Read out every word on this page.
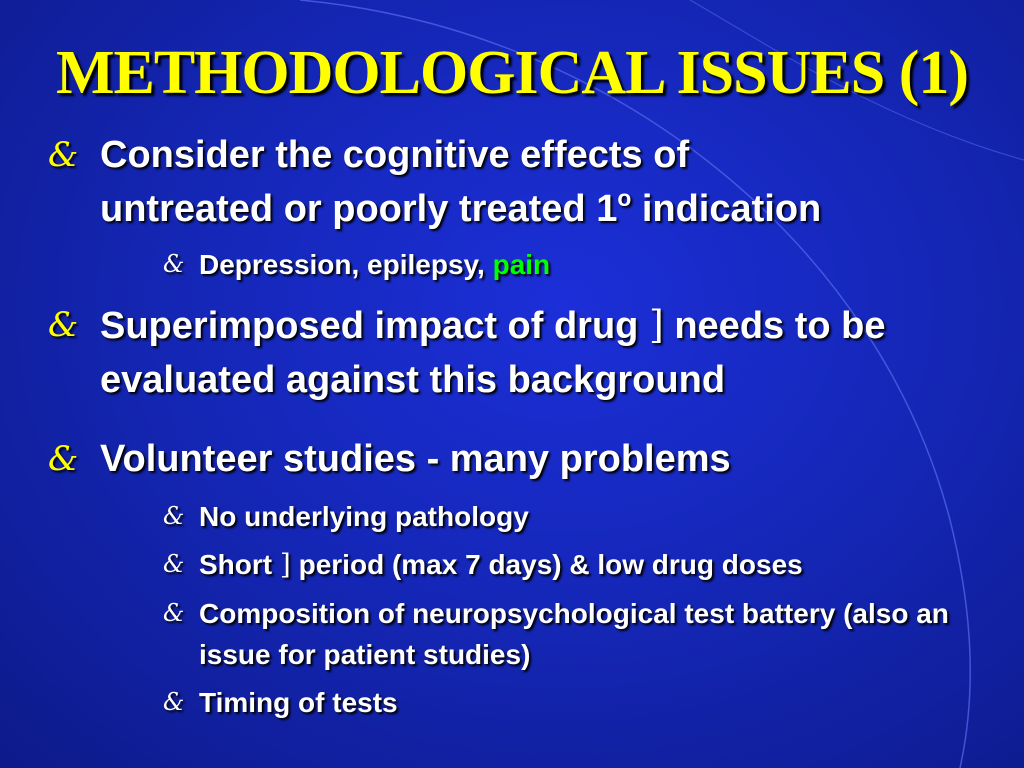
METHODOLOGICAL ISSUES (1)
& Consider the cognitive effects of
untreated or poorly treated 1$^o$ indication
& Depression, epilepsy, pain
& Superimposed impact of drug ] needs to be evaluated against this background
& Volunteer studies - many problems
& No underlying pathology
& Short ] period (max 7 days) & low drug doses
& Composition of neuropsychological test battery (also an issue for patient studies)
& Timing of tests
